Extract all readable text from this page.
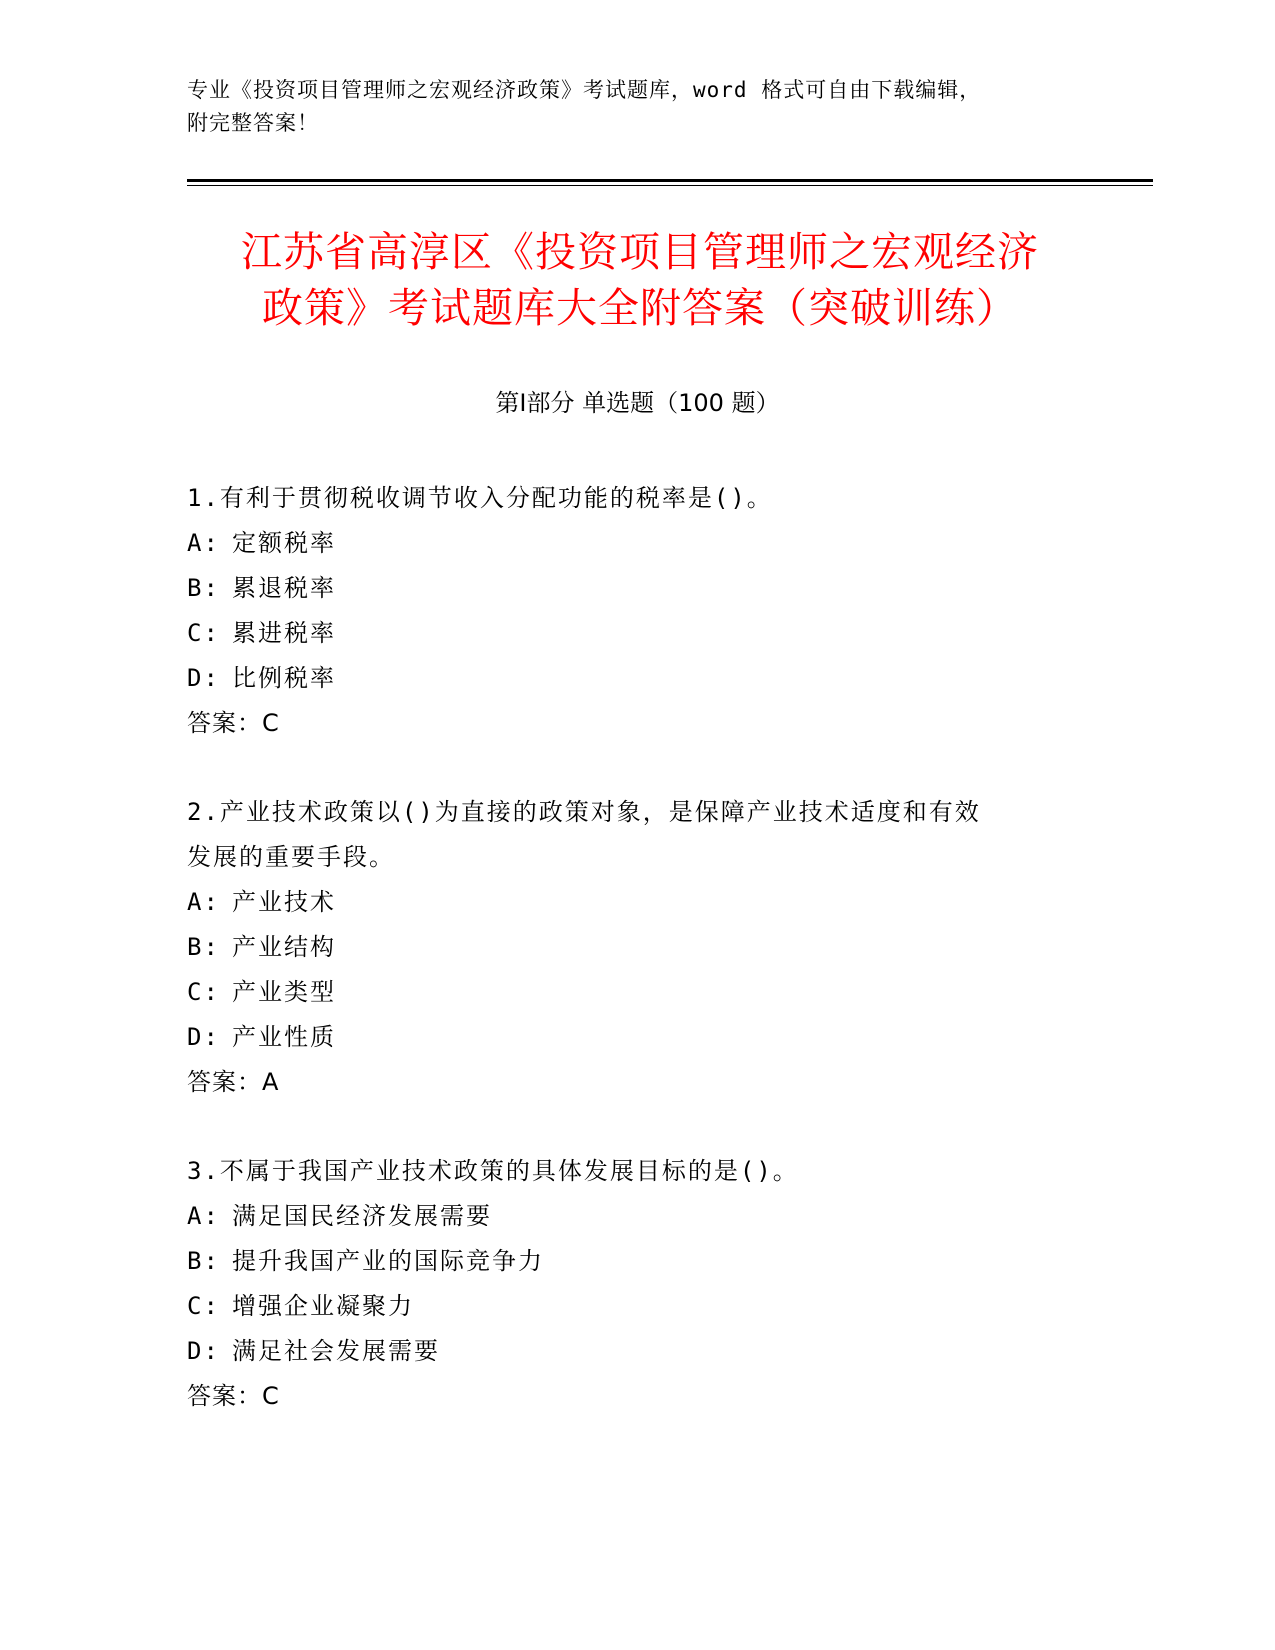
专业《投资项目管理师之宏观经济政策》考试题库，word 格式可自由下载编辑，
附完整答案！
江苏省高淳区《投资项目管理师之宏观经济
政策》考试题库大全附答案（突破训练）
第Ⅰ部分 单选题（100 题）
1.有利于贯彻税收调节收入分配功能的税率是()。
A: 定额税率
B: 累退税率
C: 累进税率
D: 比例税率
答案：C
2.产业技术政策以()为直接的政策对象，是保障产业技术适度和有效
发展的重要手段。
A: 产业技术
B: 产业结构
C: 产业类型
D: 产业性质
答案：A
3.不属于我国产业技术政策的具体发展目标的是()。
A: 满足国民经济发展需要
B: 提升我国产业的国际竞争力
C: 增强企业凝聚力
D: 满足社会发展需要
答案：C
